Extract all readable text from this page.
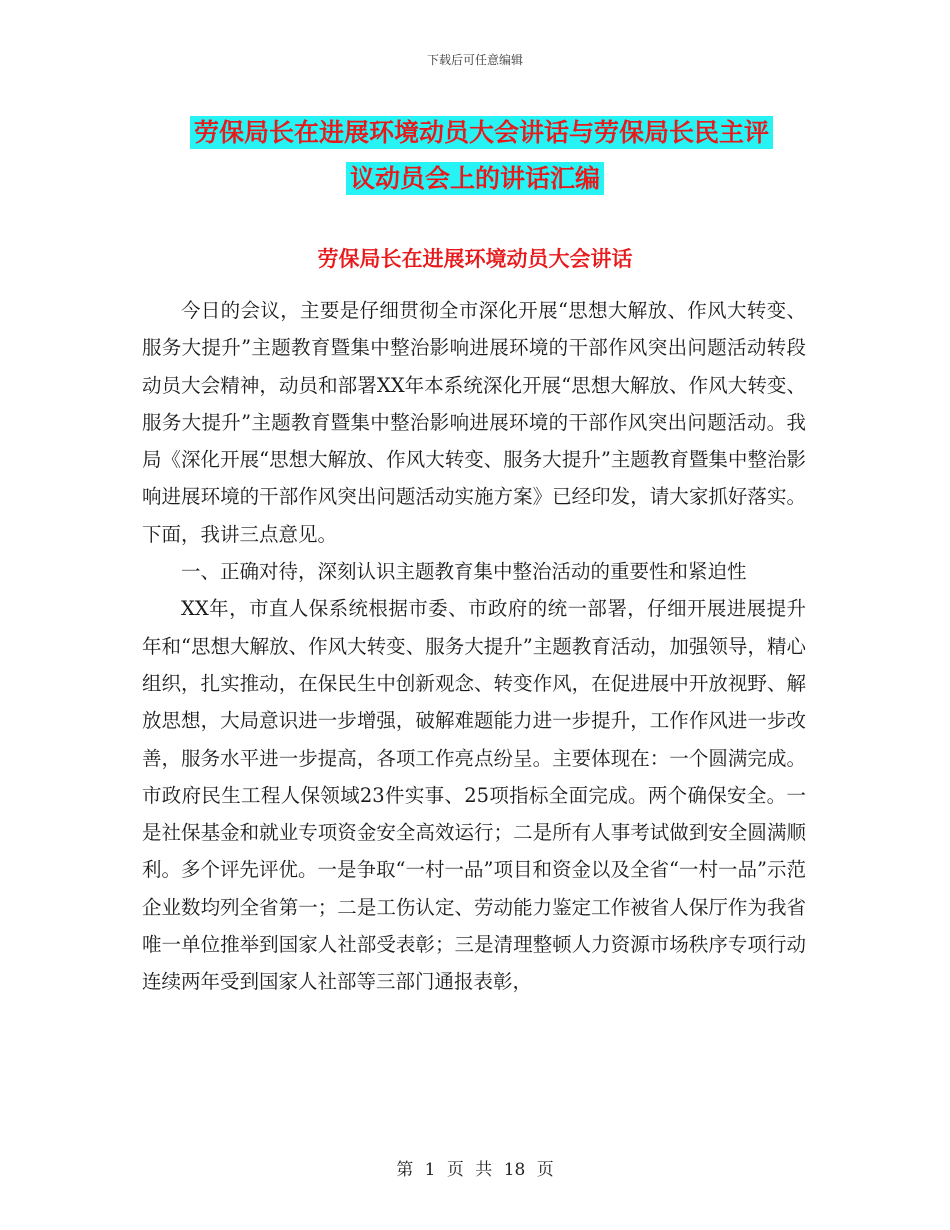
下载后可任意编辑
劳保局长在进展环境动员大会讲话与劳保局长民主评
议动员会上的讲话汇编
劳保局长在进展环境动员大会讲话

今日的会议，主要是仔细贯彻全市深化开展“思想大解放、作风大转变、服务大提升”主题教育暨集中整治影响进展环境的干部作风突出问题活动转段动员大会精神，动员和部署XX年本系统深化开展“思想大解放、作风大转变、服务大提升”主题教育暨集中整治影响进展环境的干部作风突出问题活动。我局《深化开展“思想大解放、作风大转变、服务大提升”主题教育暨集中整治影响进展环境的干部作风突出问题活动实施方案》已经印发，请大家抓好落实。下面，我讲三点意见。

一、正确对待，深刻认识主题教育集中整治活动的重要性和紧迫性

XX年，市直人保系统根据市委、市政府的统一部署，仔细开展进展提升年和“思想大解放、作风大转变、服务大提升”主题教育活动，加强领导，精心组织，扎实推动，在保民生中创新观念、转变作风，在促进展中开放视野、解放思想，大局意识进一步增强，破解难题能力进一步提升，工作作风进一步改善，服务水平进一步提高，各项工作亮点纷呈。主要体现在：一个圆满完成。市政府民生工程人保领域23件实事、25项指标全面完成。两个确保安全。一是社保基金和就业专项资金安全高效运行；二是所有人事考试做到安全圆满顺利。多个评先评优。一是争取“一村一品”项目和资金以及全省“一村一品”示范企业数均列全省第一；二是工伤认定、劳动能力鉴定工作被省人保厅作为我省唯一单位推举到国家人社部受表彰；三是清理整顿人力资源市场秩序专项行动连续两年受到国家人社部等三部门通报表彰，

第 1 页 共 18 页
